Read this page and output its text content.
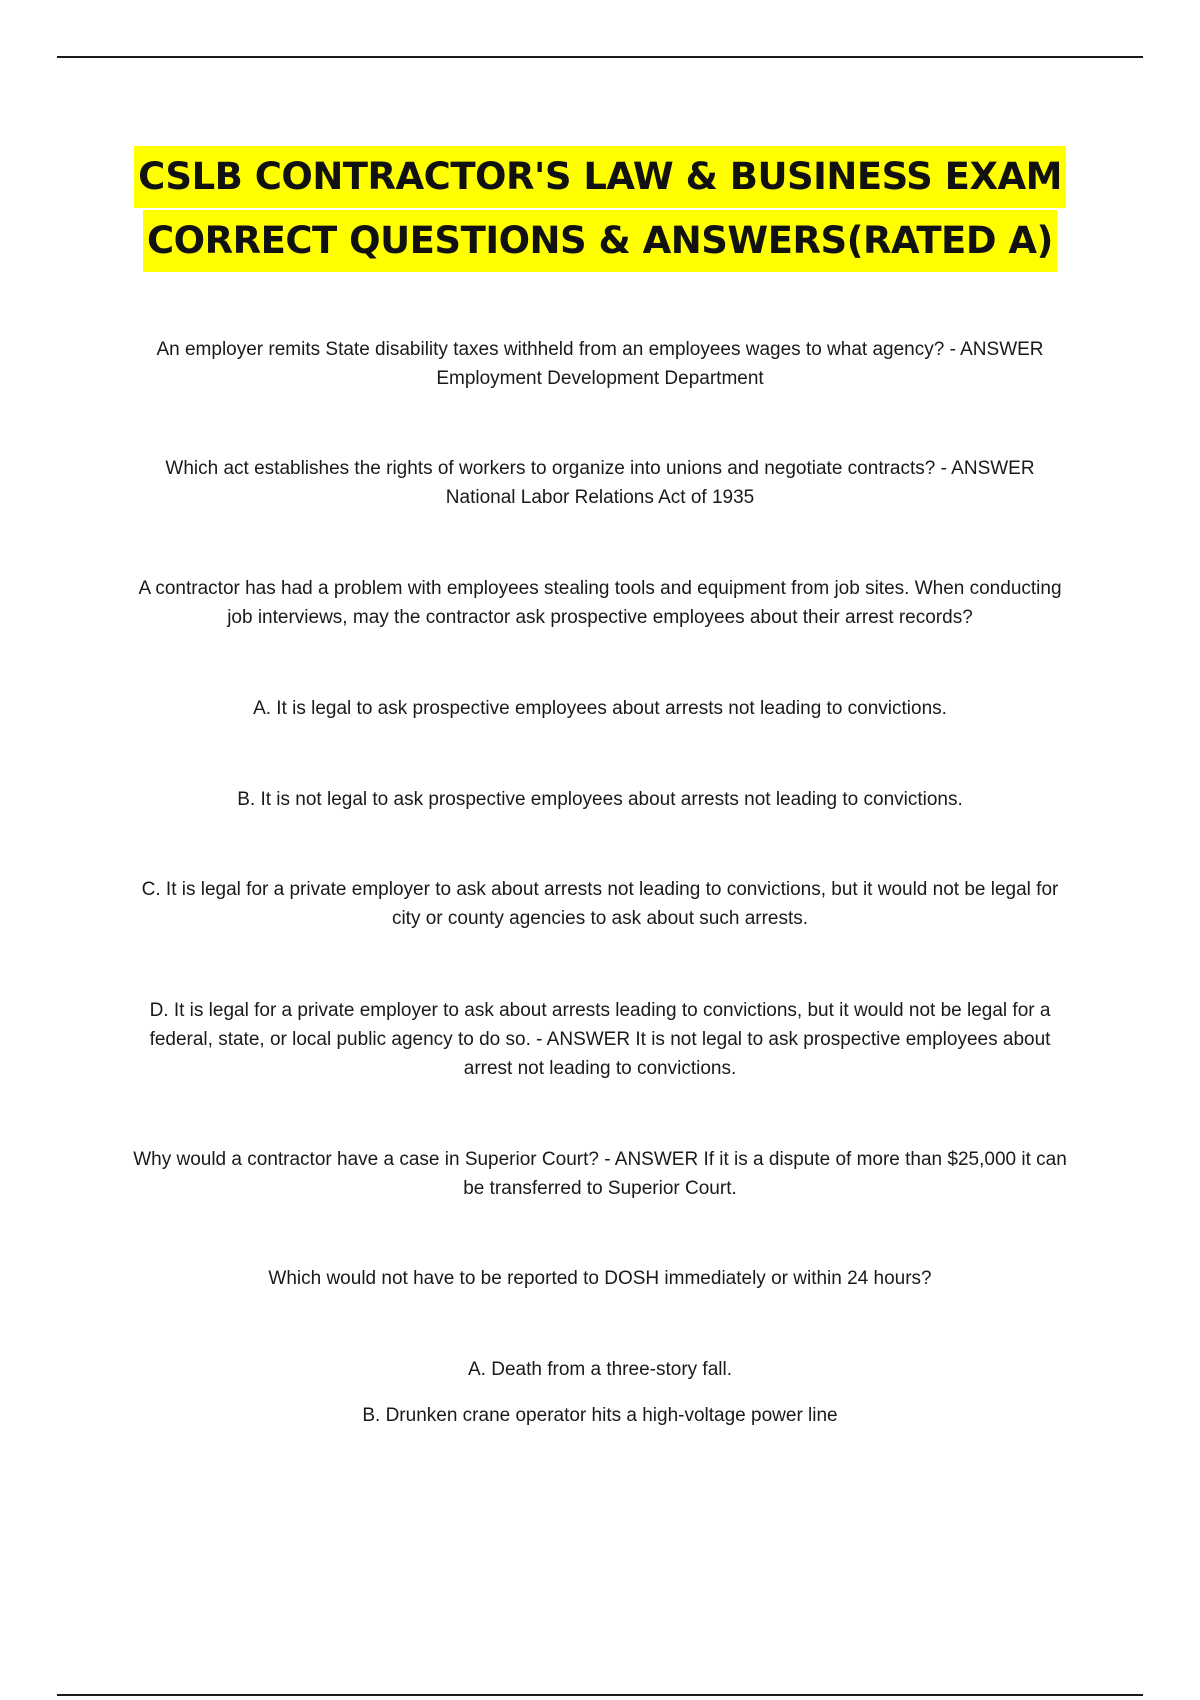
CSLB CONTRACTOR'S LAW & BUSINESS EXAM
CORRECT QUESTIONS & ANSWERS(RATED A)

An employer remits State disability taxes withheld from an employees wages to what agency? - ANSWER Employment Development Department

Which act establishes the rights of workers to organize into unions and negotiate contracts? - ANSWER National Labor Relations Act of 1935

A contractor has had a problem with employees stealing tools and equipment from job sites. When conducting job interviews, may the contractor ask prospective employees about their arrest records?

A. It is legal to ask prospective employees about arrests not leading to convictions.

B. It is not legal to ask prospective employees about arrests not leading to convictions.

C. It is legal for a private employer to ask about arrests not leading to convictions, but it would not be legal for city or county agencies to ask about such arrests.

D. It is legal for a private employer to ask about arrests leading to convictions, but it would not be legal for a federal, state, or local public agency to do so. - ANSWER It is not legal to ask prospective employees about arrest not leading to convictions.

Why would a contractor have a case in Superior Court? - ANSWER If it is a dispute of more than $25,000 it can be transferred to Superior Court.

Which would not have to be reported to DOSH immediately or within 24 hours?

A. Death from a three-story fall.

B. Drunken crane operator hits a high-voltage power line
